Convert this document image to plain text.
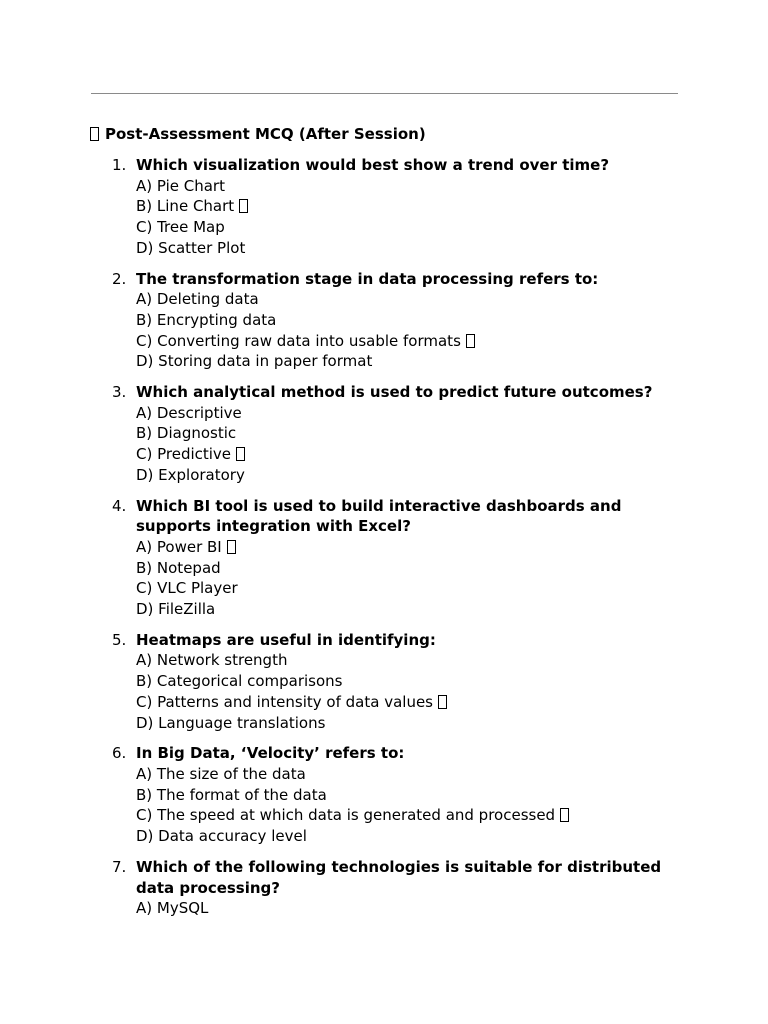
Post-Assessment MCQ (After Session)
1. Which visualization would best show a trend over time?
A) Pie Chart
B) Line Chart
C) Tree Map
D) Scatter Plot
2. The transformation stage in data processing refers to:
A) Deleting data
B) Encrypting data
C) Converting raw data into usable formats
D) Storing data in paper format
3. Which analytical method is used to predict future outcomes?
A) Descriptive
B) Diagnostic
C) Predictive
D) Exploratory
4. Which BI tool is used to build interactive dashboards and supports integration with Excel?
A) Power BI
B) Notepad
C) VLC Player
D) FileZilla
5. Heatmaps are useful in identifying:
A) Network strength
B) Categorical comparisons
C) Patterns and intensity of data values
D) Language translations
6. In Big Data, ‘Velocity’ refers to:
A) The size of the data
B) The format of the data
C) The speed at which data is generated and processed
D) Data accuracy level
7. Which of the following technologies is suitable for distributed data processing?
A) MySQL
